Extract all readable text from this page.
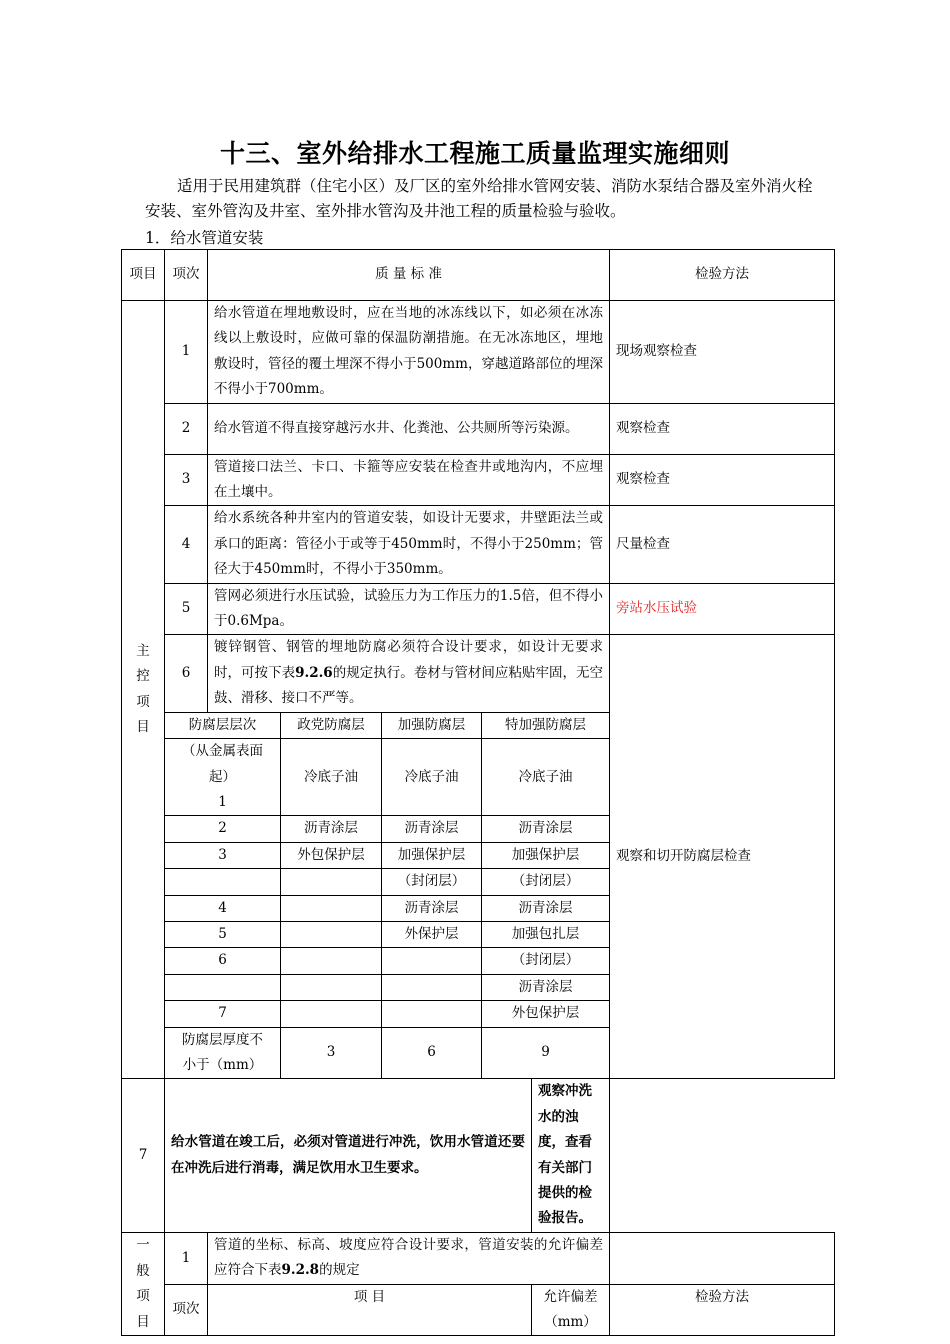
十三、室外给排水工程施工质量监理实施细则

适用于民用建筑群（住宅小区）及厂区的室外给排水管网安装、消防水泵结合器及室外消火栓安装、室外管沟及井室、室外排水管沟及井池工程的质量检验与验收。

1．给水管道安装

项目	项次	质 量 标 准					检验方法
主控项目	1	给水管道在埋地敷设时，应在当地的冰冻线以下，如必须在冰冻线以上敷设时，应做可靠的保温防潮措施。在无冰冻地区，埋地敷设时，管径的覆土埋深不得小于500mm，穿越道路部位的埋深不得小于700mm。					现场观察检查
	2	给水管道不得直接穿越污水井、化粪池、公共厕所等污染源。					观察检查
	3	管道接口法兰、卡口、卡箍等应安装在检查井或地沟内，不应埋在土壤中。					观察检查
	4	给水系统各种井室内的管道安装，如设计无要求，井壁距法兰或承口的距离：管径小于或等于450mm时，不得小于250mm；管径大于450mm时，不得小于350mm。					尺量检查
	5	管网必须进行水压试验，试验压力为工作压力的1.5倍，但不得小于0.6Mpa。					旁站水压试验
	6	镀锌钢管、钢管的埋地防腐必须符合设计要求，如设计无要求时，可按下表9.2.6的规定执行。卷材与管材间应粘贴牢固，无空鼓、滑移、接口不严等。					观察和切开防腐层检查
	防腐层层次		政党防腐层	加强防腐层	特加强防腐层		
	（从金属表面起）
1		冷底子油	冷底子油	冷底子油		
	2		沥青涂层	沥青涂层	沥青涂层		
	3		外包保护层	加强保护层	加强保护层		
				（封闭层）	（封闭层）		
	4			沥青涂层	沥青涂层		
	5			外保护层	加强包扎层		
	6				（封闭层）		
					沥青涂层		
	7				外包保护层		
	防腐层厚度不小于（mm）		3	6	9		
7	给水管道在竣工后，必须对管道进行冲洗，饮用水管道还要在冲洗后进行消毒，满足饮用水卫生要求。					观察冲洗水的浊度，查看有关部门提供的检验报告。	
一般项目	1	管道的坐标、标高、坡度应符合设计要求，管道安装的允许偏差应符合下表9.2.8的规定					
	项次	项 目				允许偏差（mm）	检验方法
